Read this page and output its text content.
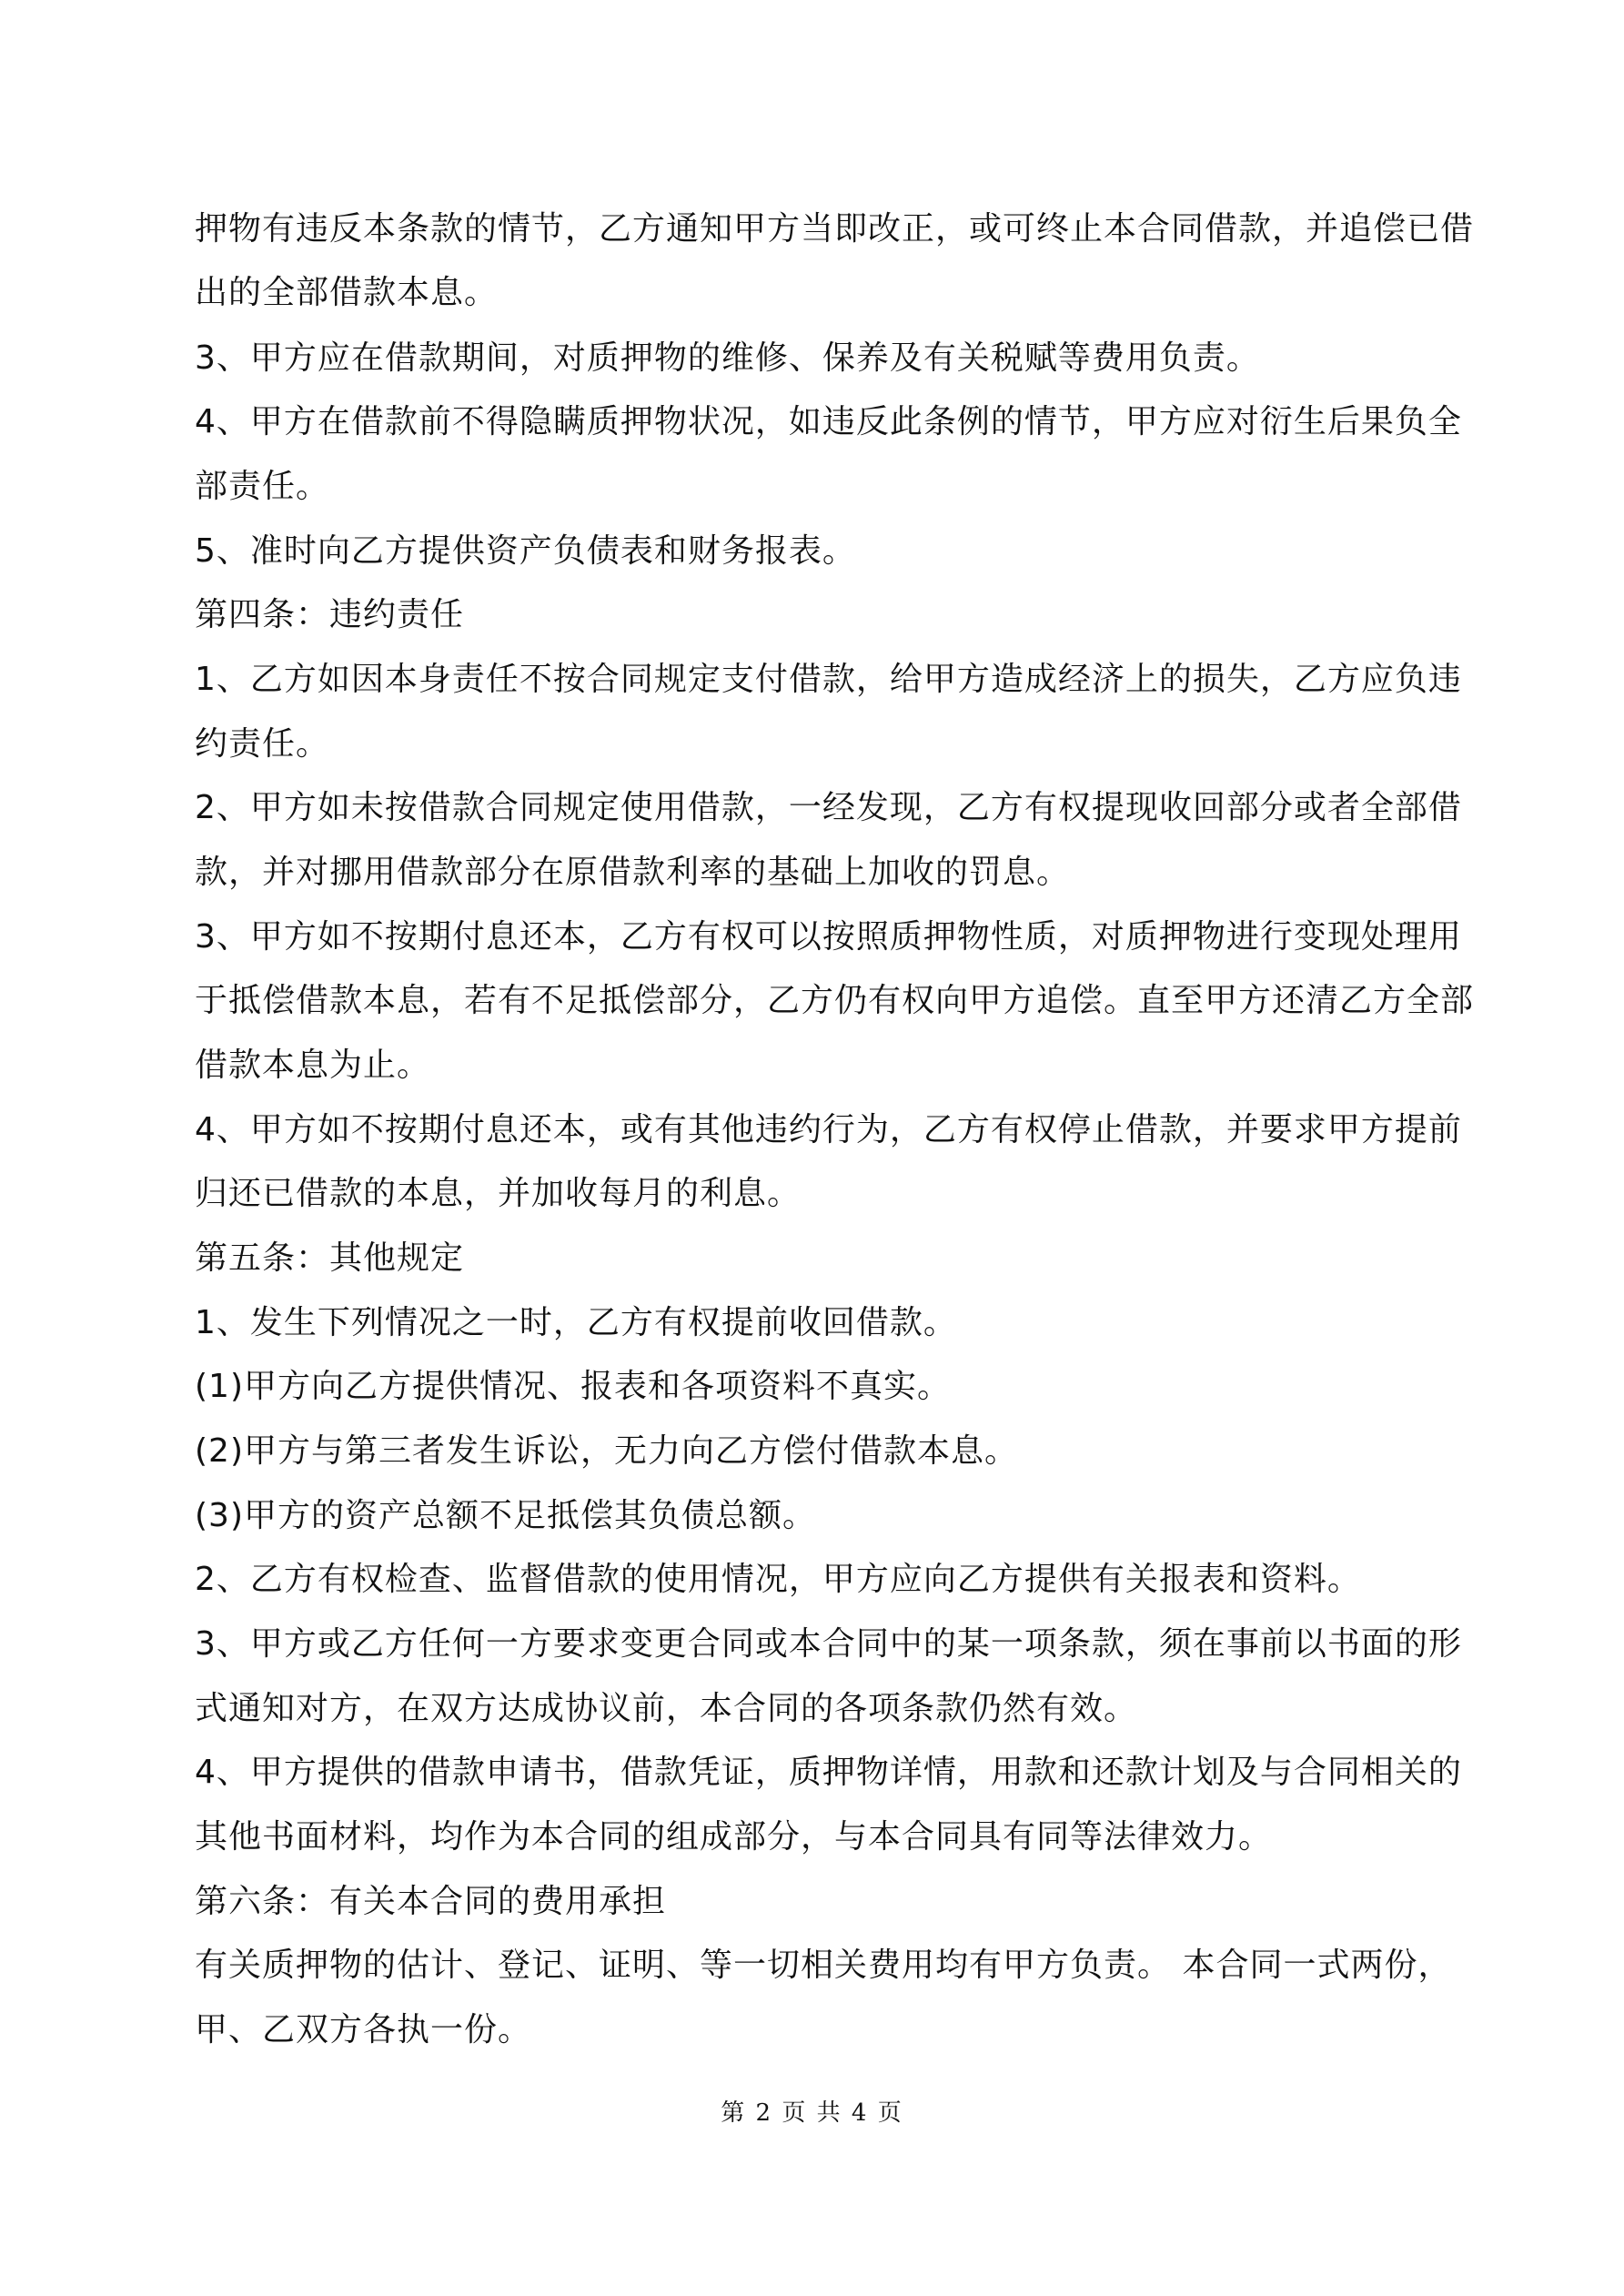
押物有违反本条款的情节，乙方通知甲方当即改正，或可终止本合同借款，并追偿已借
出的全部借款本息。
3、甲方应在借款期间，对质押物的维修、保养及有关税赋等费用负责。
4、甲方在借款前不得隐瞒质押物状况，如违反此条例的情节，甲方应对衍生后果负全
部责任。
5、准时向乙方提供资产负债表和财务报表。
第四条：违约责任
1、乙方如因本身责任不按合同规定支付借款，给甲方造成经济上的损失，乙方应负违
约责任。
2、甲方如未按借款合同规定使用借款，一经发现，乙方有权提现收回部分或者全部借
款，并对挪用借款部分在原借款利率的基础上加收的罚息。
3、甲方如不按期付息还本，乙方有权可以按照质押物性质，对质押物进行变现处理用
于抵偿借款本息，若有不足抵偿部分，乙方仍有权向甲方追偿。直至甲方还清乙方全部
借款本息为止。
4、甲方如不按期付息还本，或有其他违约行为，乙方有权停止借款，并要求甲方提前
归还已借款的本息，并加收每月的利息。
第五条：其他规定
1、发生下列情况之一时，乙方有权提前收回借款。
(1)甲方向乙方提供情况、报表和各项资料不真实。
(2)甲方与第三者发生诉讼，无力向乙方偿付借款本息。
(3)甲方的资产总额不足抵偿其负债总额。
2、乙方有权检查、监督借款的使用情况，甲方应向乙方提供有关报表和资料。
3、甲方或乙方任何一方要求变更合同或本合同中的某一项条款，须在事前以书面的形
式通知对方，在双方达成协议前，本合同的各项条款仍然有效。
4、甲方提供的借款申请书，借款凭证，质押物详情，用款和还款计划及与合同相关的
其他书面材料，均作为本合同的组成部分，与本合同具有同等法律效力。
第六条：有关本合同的费用承担
有关质押物的估计、登记、证明、等一切相关费用均有甲方负责。 本合同一式两份，
甲、乙双方各执一份。
第 2 页 共 4 页
